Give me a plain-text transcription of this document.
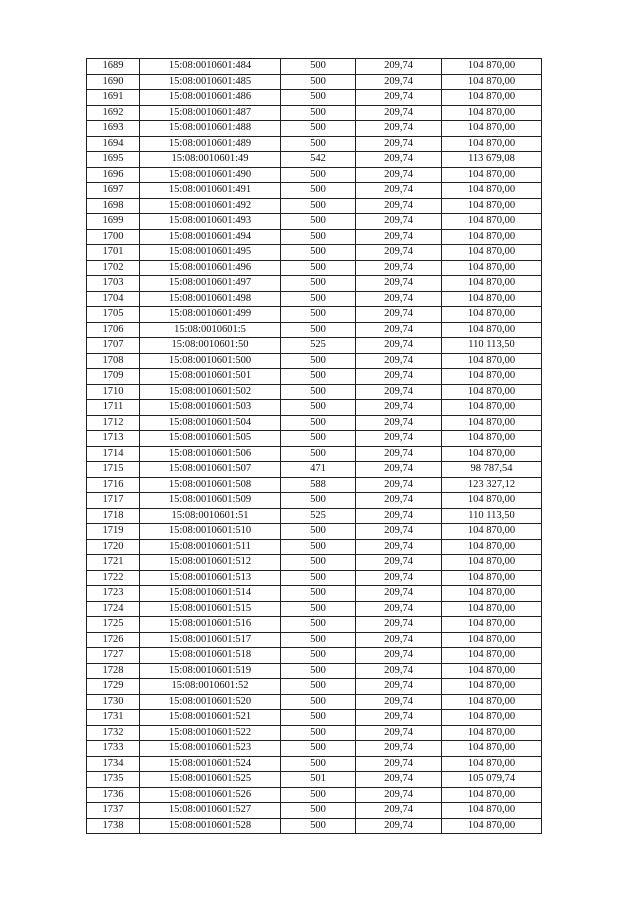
1689	15:08:0010601:484	500	209,74	104 870,00
1690	15:08:0010601:485	500	209,74	104 870,00
1691	15:08:0010601:486	500	209,74	104 870,00
1692	15:08:0010601:487	500	209,74	104 870,00
1693	15:08:0010601:488	500	209,74	104 870,00
1694	15:08:0010601:489	500	209,74	104 870,00
1695	15:08:0010601:49	542	209,74	113 679,08
1696	15:08:0010601:490	500	209,74	104 870,00
1697	15:08:0010601:491	500	209,74	104 870,00
1698	15:08:0010601:492	500	209,74	104 870,00
1699	15:08:0010601:493	500	209,74	104 870,00
1700	15:08:0010601:494	500	209,74	104 870,00
1701	15:08:0010601:495	500	209,74	104 870,00
1702	15:08:0010601:496	500	209,74	104 870,00
1703	15:08:0010601:497	500	209,74	104 870,00
1704	15:08:0010601:498	500	209,74	104 870,00
1705	15:08:0010601:499	500	209,74	104 870,00
1706	15:08:0010601:5	500	209,74	104 870,00
1707	15:08:0010601:50	525	209,74	110 113,50
1708	15:08:0010601:500	500	209,74	104 870,00
1709	15:08:0010601:501	500	209,74	104 870,00
1710	15:08:0010601:502	500	209,74	104 870,00
1711	15:08:0010601:503	500	209,74	104 870,00
1712	15:08:0010601:504	500	209,74	104 870,00
1713	15:08:0010601:505	500	209,74	104 870,00
1714	15:08:0010601:506	500	209,74	104 870,00
1715	15:08:0010601:507	471	209,74	98 787,54
1716	15:08:0010601:508	588	209,74	123 327,12
1717	15:08:0010601:509	500	209,74	104 870,00
1718	15:08:0010601:51	525	209,74	110 113,50
1719	15:08:0010601:510	500	209,74	104 870,00
1720	15:08:0010601:511	500	209,74	104 870,00
1721	15:08:0010601:512	500	209,74	104 870,00
1722	15:08:0010601:513	500	209,74	104 870,00
1723	15:08:0010601:514	500	209,74	104 870,00
1724	15:08:0010601:515	500	209,74	104 870,00
1725	15:08:0010601:516	500	209,74	104 870,00
1726	15:08:0010601:517	500	209,74	104 870,00
1727	15:08:0010601:518	500	209,74	104 870,00
1728	15:08:0010601:519	500	209,74	104 870,00
1729	15:08:0010601:52	500	209,74	104 870,00
1730	15:08:0010601:520	500	209,74	104 870,00
1731	15:08:0010601:521	500	209,74	104 870,00
1732	15:08:0010601:522	500	209,74	104 870,00
1733	15:08:0010601:523	500	209,74	104 870,00
1734	15:08:0010601:524	500	209,74	104 870,00
1735	15:08:0010601:525	501	209,74	105 079,74
1736	15:08:0010601:526	500	209,74	104 870,00
1737	15:08:0010601:527	500	209,74	104 870,00
1738	15:08:0010601:528	500	209,74	104 870,00
